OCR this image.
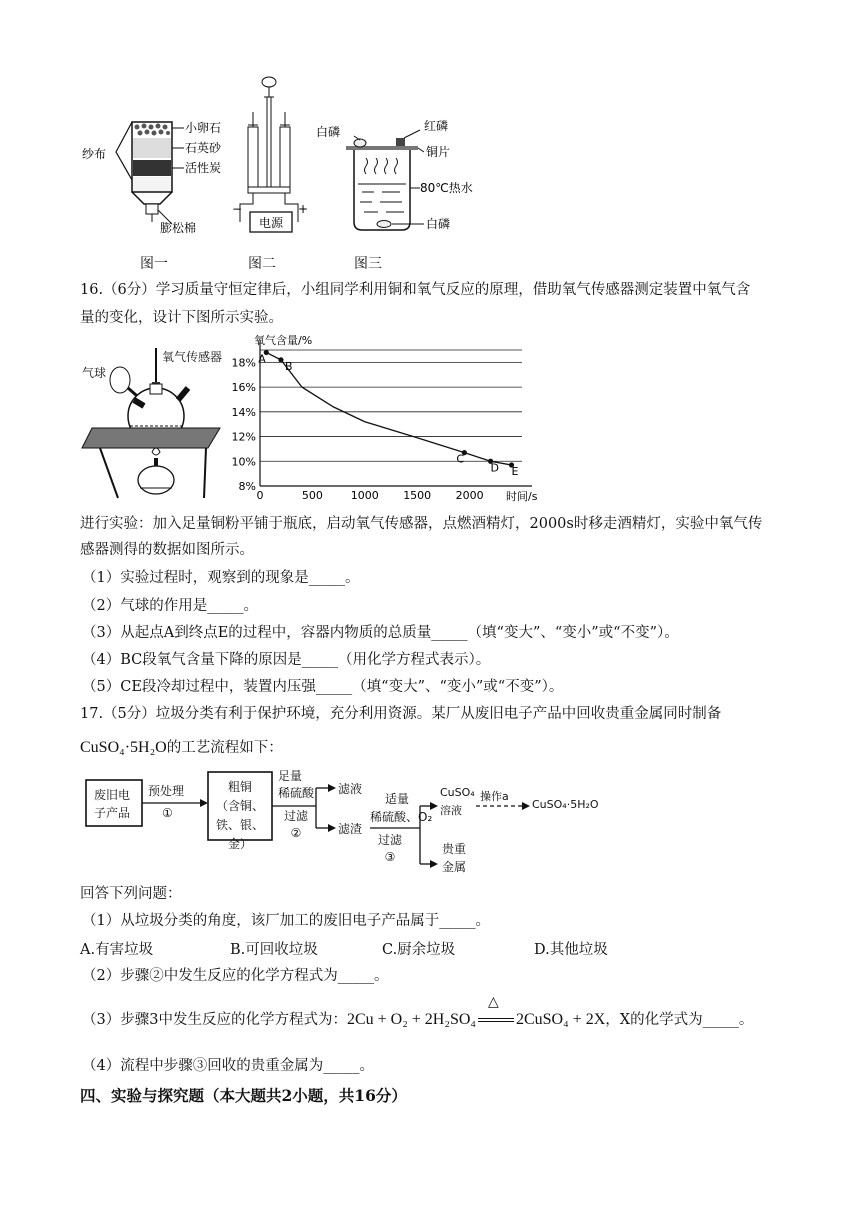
纱布
小卵石
石英砂
活性炭
膨松棉
−	+
电源
白磷	红磷
铜片
80℃热水
白磷
图一	图二	图三
16.（6分）学习质量守恒定律后，小组同学利用铜和氧气反应的原理，借助氧气传感器测定装置中氧气含
量的变化，设计下图所示实验。
气球
氧气传感器
8%
10%
12%
14%
16%
18%
0	500	1000 1500 2000
氧气含量/%
时间/s
A
B
C
D E
进行实验：加入足量铜粉平铺于瓶底，启动氧气传感器，点燃酒精灯，2000s时移走酒精灯，实验中氧气传
感器测得的数据如图所示。
（1）实验过程时，观察到的现象是_____。
（2）气球的作用是_____。
（3）从起点A到终点E的过程中，容器内物质的总质量_____（填“变大”、“变小”或“不变”）。
（4）BC段氧气含量下降的原因是_____（用化学方程式表示）。
（5）CE段冷却过程中，装置内压强_____（填“变大”、“变小”或“不变”）。
17.（5分）垃圾分类有利于保护环境，充分利用资源。某厂从废旧电子产品中回收贵重金属同时制备
CuSO₄·5H₂O的工艺流程如下：
废旧电
子产品
预处理
①
粗铜
（含铜、
铁、银、金）
足量
稀硫酸
过滤
②
滤液
滤渣
适量
稀硫酸、O₂
过滤
③
CuSO₄
溶液
操作a
CuSO₄·5H₂O
贵重
金属
回答下列问题：
（1）从垃圾分类的角度，该厂加工的废旧电子产品属于_____。
A.有害垃圾	B.可回收垃圾	C.厨余垃圾	D.其他垃圾
（2）步骤②中发生反应的化学方程式为_____。
（3）步骤3中发生反应的化学方程式为：2Cu + O₂ + 2H₂SO₄
△
2CuSO₄ + 2X，X的化学式为_____。
（4）流程中步骤③回收的贵重金属为_____。
四、实验与探究题（本大题共2小题，共16分）
